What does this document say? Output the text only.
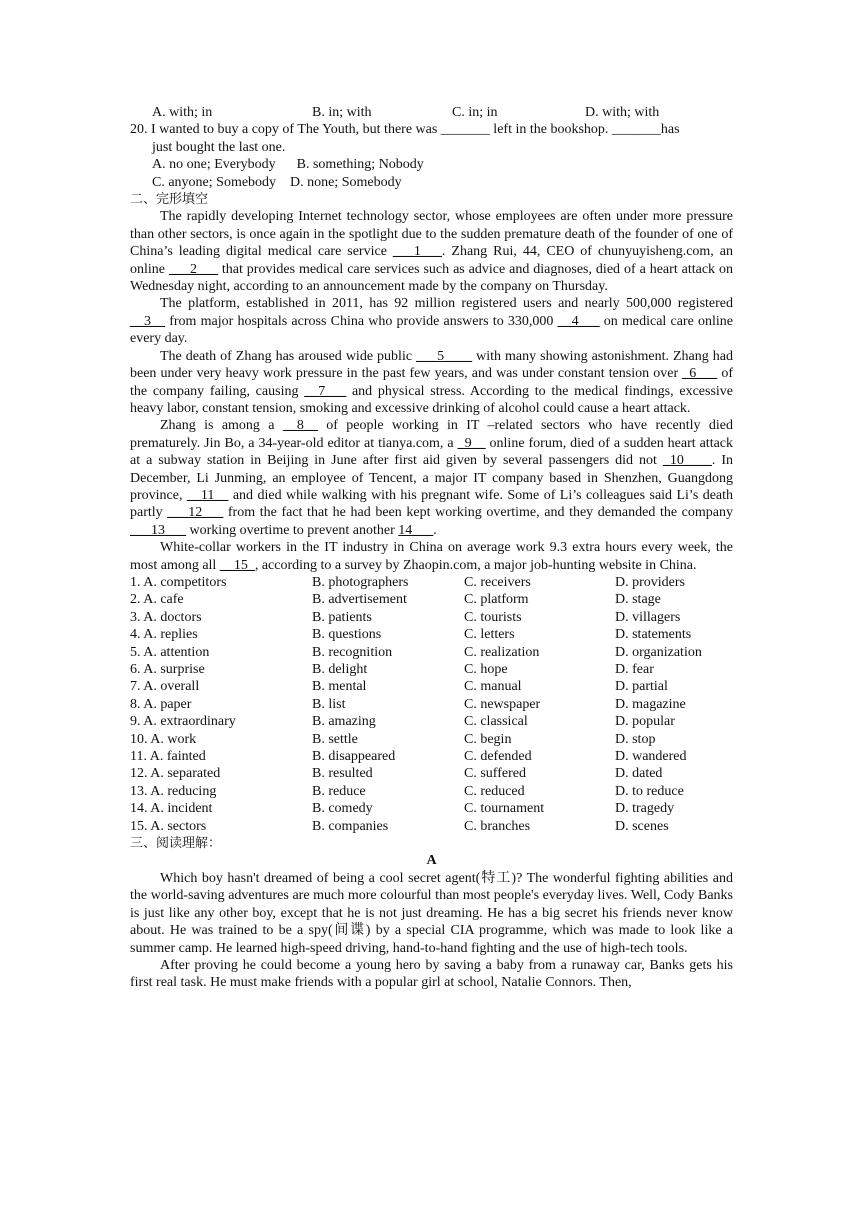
A. with; in	B. in; with	C. in; in	D. with; with
20. I wanted to buy a copy of The Youth, but there was _______ left in the bookshop. _______has
just bought the last one.
A. no one; Everybody      B. something; Nobody
C. anyone; Somebody    D. none; Somebody
二、完形填空
The rapidly developing Internet technology sector, whose employees are often under more pressure than other sectors, is once again in the spotlight due to the sudden premature death of the founder of one of China’s leading digital medical care service ___1___. Zhang Rui, 44, CEO of chunyuyisheng.com, an online ___2___ that provides medical care services such as advice and diagnoses, died of a heart attack on Wednesday night, according to an announcement made by the company on Thursday.
The platform, established in 2011, has 92 million registered users and nearly 500,000 registered __3__ from major hospitals across China who provide answers to 330,000 __4___ on medical care online every day.
The death of Zhang has aroused wide public ___5____ with many showing astonishment. Zhang had been under very heavy work pressure in the past few years, and was under constant tension over _6___ of the company failing, causing __7___ and physical stress. According to the medical findings, excessive heavy labor, constant tension, smoking and excessive drinking of alcohol could cause a heart attack.
Zhang is among a __8__ of people working in IT –related sectors who have recently died prematurely. Jin Bo, a 34-year-old editor at tianya.com, a _9__ online forum, died of a sudden heart attack at a subway station in Beijing in June after first aid given by several passengers did not _10____. In December, Li Junming, an employee of Tencent, a major IT company based in Shenzhen, Guangdong province, __11__ and died while walking with his pregnant wife. Some of Li’s colleagues said Li’s death partly ___12___ from the fact that he had been kept working overtime, and they demanded the company ___13___ working overtime to prevent another 14___.
White-collar workers in the IT industry in China on average work 9.3 extra hours every week, the most among all __15_, according to a survey by Zhaopin.com, a major job-hunting website in China.
1. A. competitors	B. photographers	C. receivers	D. providers
2. A. cafe	B. advertisement	C. platform	D. stage
3. A. doctors	B. patients	C. tourists	D. villagers
4. A. replies	B. questions	C. letters	D. statements
5. A. attention	B. recognition	C. realization	D. organization
6. A. surprise	B. delight	C. hope	D. fear
7. A. overall	B. mental	C. manual	D. partial
8. A. paper	B. list	C. newspaper	D. magazine
9. A. extraordinary	B. amazing	C. classical	D. popular
10. A. work	B. settle	C. begin	D. stop
11. A. fainted	B. disappeared	C. defended	D. wandered
12. A. separated	B. resulted	C. suffered	D. dated
13. A. reducing	B. reduce	C. reduced	D. to reduce
14. A. incident	B. comedy	C. tournament	D. tragedy
15. A. sectors	B. companies	C. branches	D. scenes
三、阅读理解：
A
Which boy hasn't dreamed of being a cool secret agent(特工)? The wonderful fighting abilities and the world-saving adventures are much more colourful than most people's everyday lives. Well, Cody Banks is just like any other boy, except that he is not just dreaming. He has a big secret his friends never know about. He was trained to be a spy(间谍) by a special CIA programme, which was made to look like a summer camp. He learned high-speed driving, hand-to-hand fighting and the use of high-tech tools.
After proving he could become a young hero by saving a baby from a runaway car, Banks gets his first real task. He must make friends with a popular girl at school, Natalie Connors. Then,
